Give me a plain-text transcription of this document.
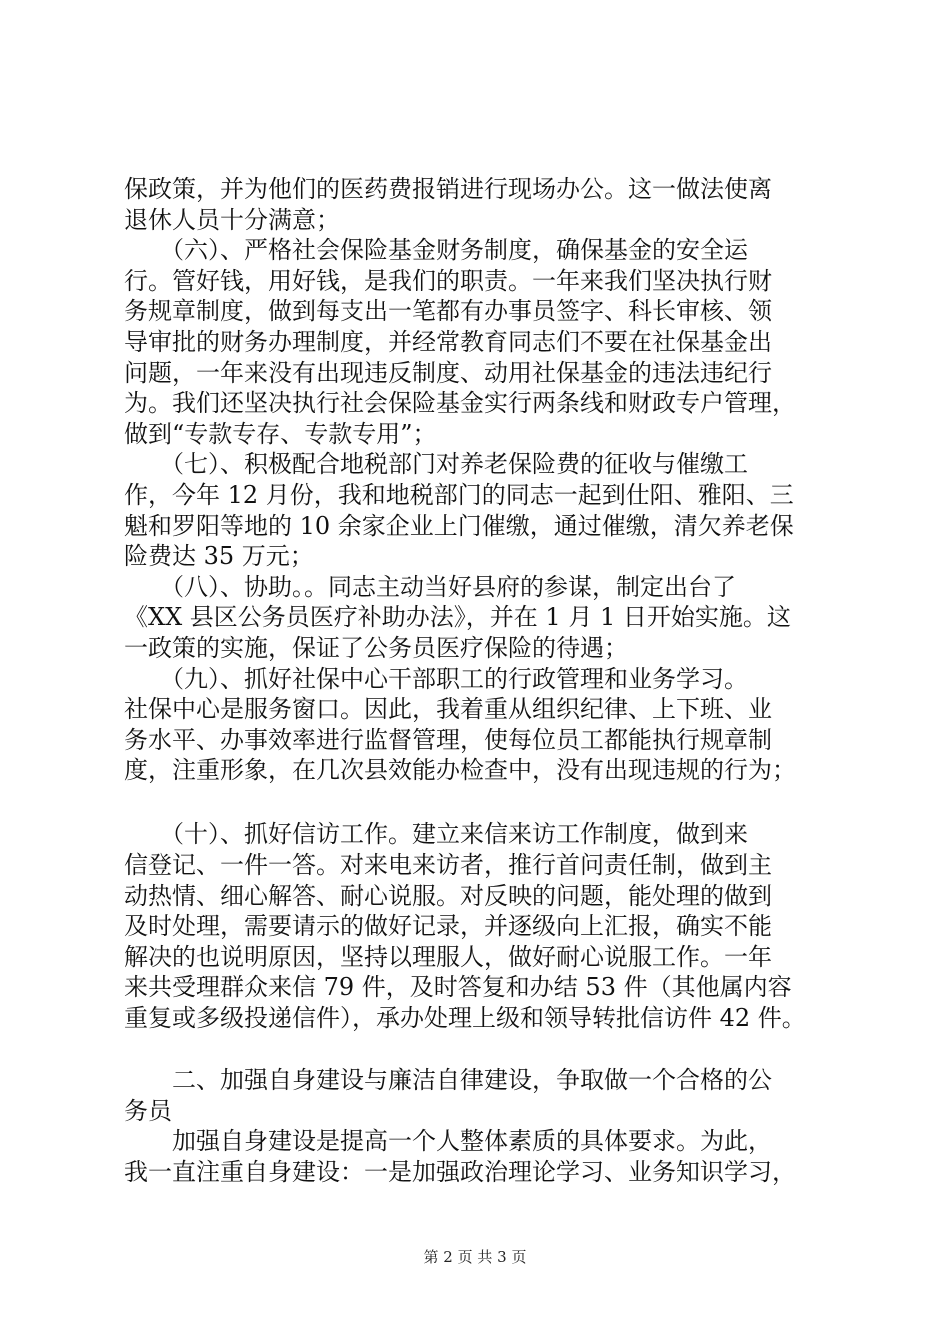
保政策，并为他们的医药费报销进行现场办公。这一做法使离
退休人员十分满意；
　　（六）、严格社会保险基金财务制度，确保基金的安全运
行。管好钱，用好钱，是我们的职责。一年来我们坚决执行财
务规章制度，做到每支出一笔都有办事员签字、科长审核、领
导审批的财务办理制度，并经常教育同志们不要在社保基金出
问题，一年来没有出现违反制度、动用社保基金的违法违纪行
为。我们还坚决执行社会保险基金实行两条线和财政专户管理，
做到“专款专存、专款专用”；
　　（七）、积极配合地税部门对养老保险费的征收与催缴工
作，今年 12 月份，我和地税部门的同志一起到仕阳、雅阳、三
魁和罗阳等地的 10 余家企业上门催缴，通过催缴，清欠养老保
险费达 35 万元；
　　（八）、协助。。同志主动当好县府的参谋，制定出台了
《XX 县区公务员医疗补助办法》，并在 1 月 1 日开始实施。这
一政策的实施，保证了公务员医疗保险的待遇；
　　（九）、抓好社保中心干部职工的行政管理和业务学习。
社保中心是服务窗口。因此，我着重从组织纪律、上下班、业
务水平、办事效率进行监督管理，使每位员工都能执行规章制
度，注重形象，在几次县效能办检查中，没有出现违规的行为；
　　（十）、抓好信访工作。建立来信来访工作制度，做到来
信登记、一件一答。对来电来访者，推行首问责任制，做到主
动热情、细心解答、耐心说服。对反映的问题，能处理的做到
及时处理，需要请示的做好记录，并逐级向上汇报，确实不能
解决的也说明原因，坚持以理服人，做好耐心说服工作。一年
来共受理群众来信 79 件，及时答复和办结 53 件（其他属内容
重复或多级投递信件），承办处理上级和领导转批信访件 42 件。
　　二、加强自身建设与廉洁自律建设，争取做一个合格的公
务员
　　加强自身建设是提高一个人整体素质的具体要求。为此，
我一直注重自身建设：一是加强政治理论学习、业务知识学习，
第 2 页 共 3 页
